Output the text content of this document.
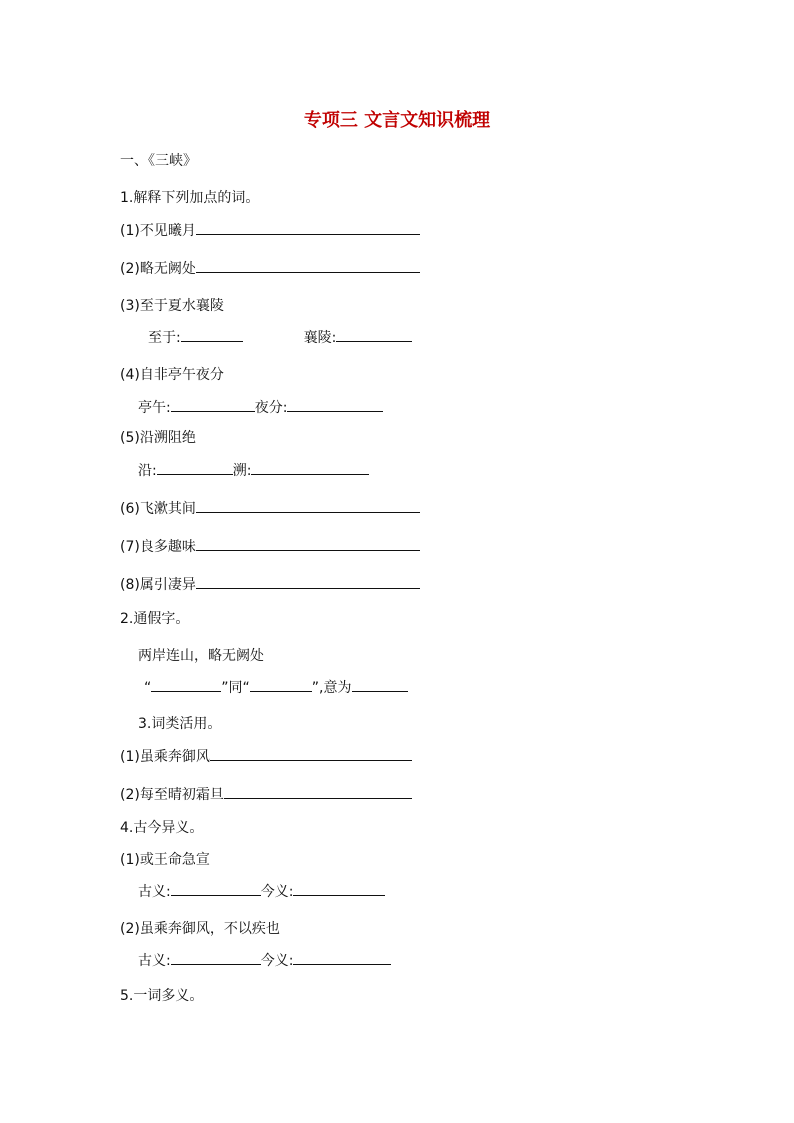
专项三 文言文知识梳理
一、《三峡》
1.解释下列加点的词。
(1)不见曦月
(2)略无阙处
(3)至于夏水襄陵
至于:	襄陵:
(4)自非亭午夜分
亭午:	夜分:
(5)沿溯阻绝
沿:	溯:
(6)飞漱其间
(7)良多趣味
(8)属引凄异
2.通假字。
两岸连山，略无阙处
“	”同“	”,意为
3.词类活用。
(1)虽乘奔御风
(2)每至晴初霜旦
4.古今异义。
(1)或王命急宣
古义:	今义:
(2)虽乘奔御风，不以疾也
古义:	今义:
5.一词多义。
